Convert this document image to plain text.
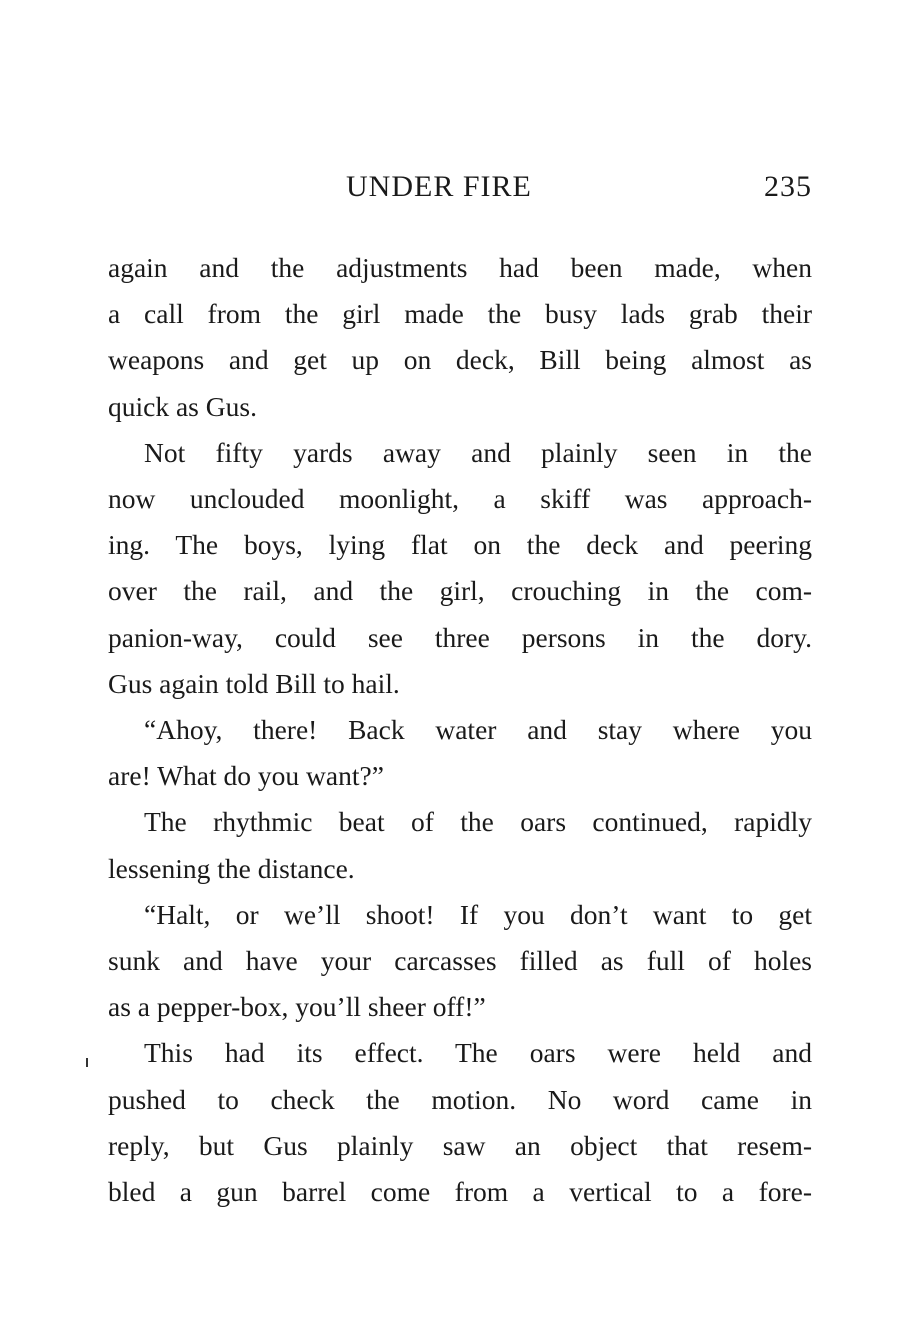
UNDER FIRE	235

again and the adjustments had been made, when
a call from the girl made the busy lads grab their
weapons and get up on deck, Bill being almost as
quick as Gus.

Not fifty yards away and plainly seen in the
now unclouded moonlight, a skiff was approach-
ing. The boys, lying flat on the deck and peering
over the rail, and the girl, crouching in the com-
panion-way, could see three persons in the dory.
Gus again told Bill to hail.

“Ahoy, there! Back water and stay where you
are! What do you want?”

The rhythmic beat of the oars continued, rapidly
lessening the distance.

“Halt, or we’ll shoot! If you don’t want to get
sunk and have your carcasses filled as full of holes
as a pepper-box, you’ll sheer off!”

This had its effect. The oars were held and
pushed to check the motion. No word came in
reply, but Gus plainly saw an object that resem-
bled a gun barrel come from a vertical to a fore-
